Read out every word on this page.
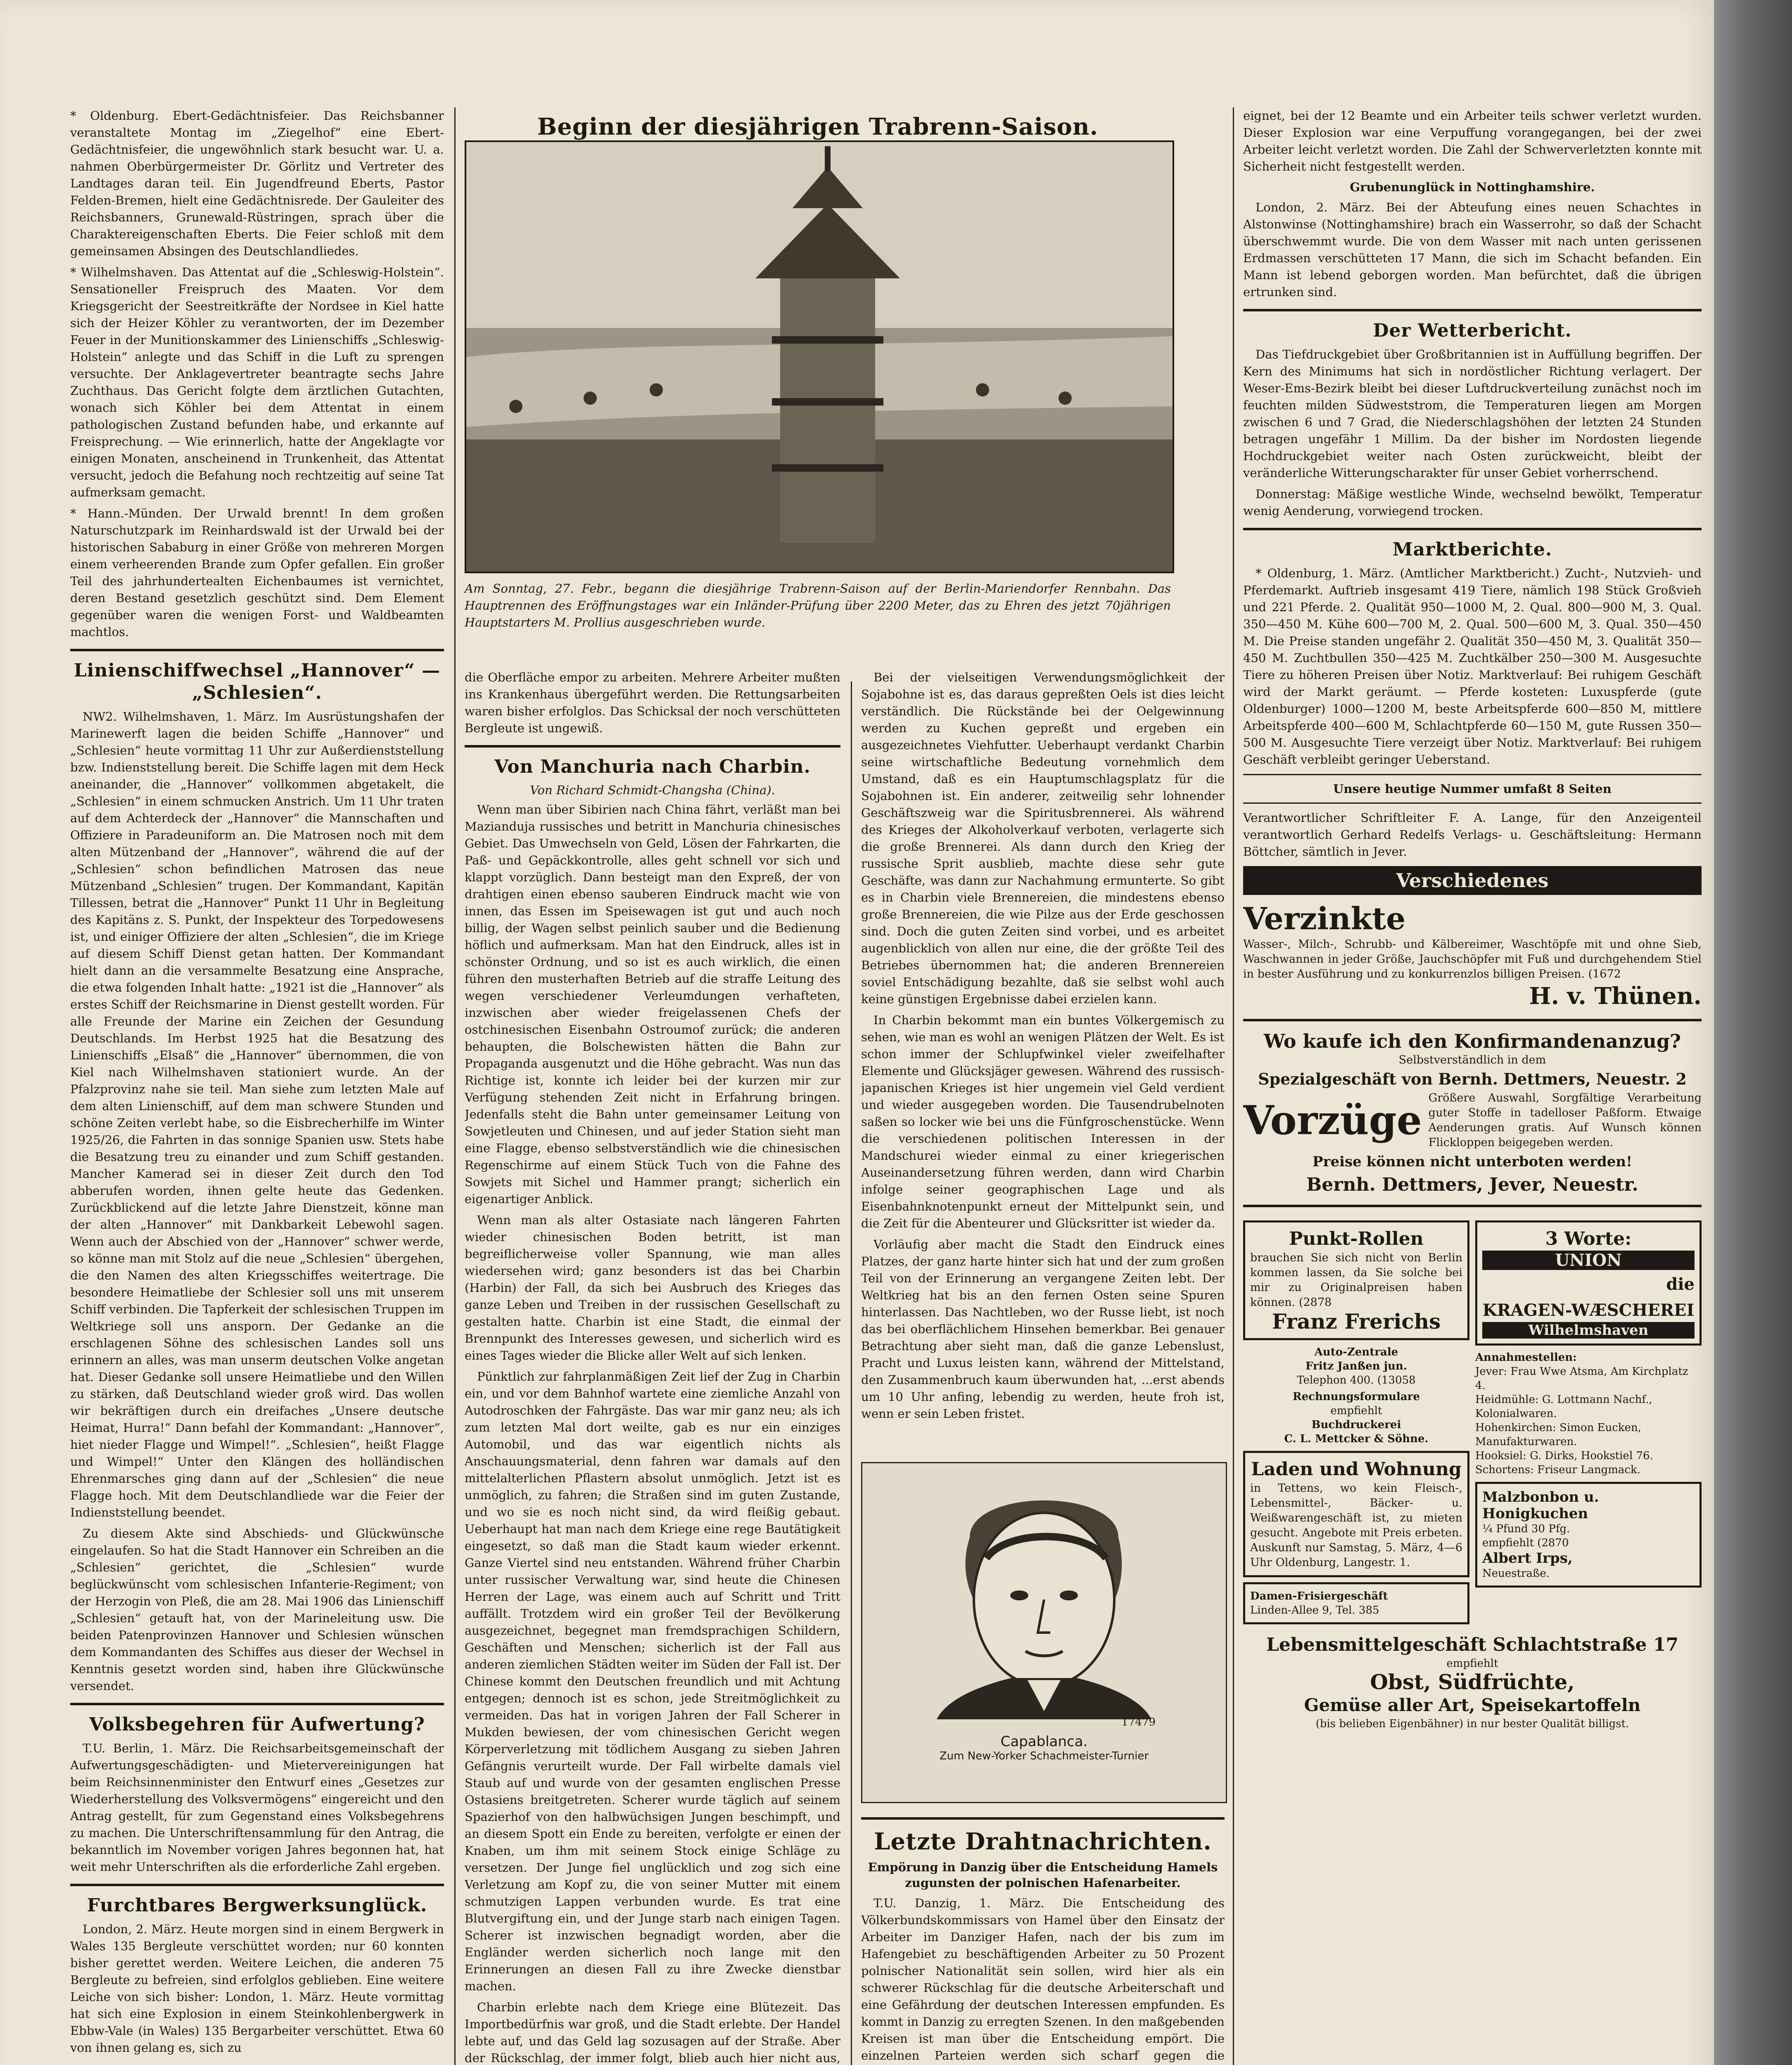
* Oldenburg. Ebert-Gedächtnisfeier. Das Reichsbanner veranstaltete Montag im „Ziegelhof“ eine Ebert-Gedächtnisfeier, die ungewöhnlich stark besucht war. U. a. nahmen Oberbürgermeister Dr. Görlitz und Vertreter des Landtages daran teil. Ein Jugendfreund Eberts, Pastor Felden-Bremen, hielt eine Gedächtnisrede. Der Gauleiter des Reichsbanners, Grunewald-Rüstringen, sprach über die Charaktereigenschaften Eberts. Die Feier schloß mit dem gemeinsamen Absingen des Deutschlandliedes.

* Wilhelmshaven. Das Attentat auf die „Schleswig-Holstein“. Sensationeller Freispruch des Maaten. Vor dem Kriegsgericht der Seestreitkräfte der Nordsee in Kiel hatte sich der Heizer Köhler zu verantworten, der im Dezember Feuer in der Munitionskammer des Linienschiffs „Schleswig-Holstein“ anlegte und das Schiff in die Luft zu sprengen versuchte. Der Anklagevertreter beantragte sechs Jahre Zuchthaus. Das Gericht folgte dem ärztlichen Gutachten, wonach sich Köhler bei dem Attentat in einem pathologischen Zustand befunden habe, und erkannte auf Freisprechung. — Wie erinnerlich, hatte der Angeklagte vor einigen Monaten, anscheinend in Trunkenheit, das Attentat versucht, jedoch die Befahung noch rechtzeitig auf seine Tat aufmerksam gemacht.

* Hann.-Münden. Der Urwald brennt! In dem großen Naturschutzpark im Reinhardswald ist der Urwald bei der historischen Sababurg in einer Größe von mehreren Morgen einem verheerenden Brande zum Opfer gefallen. Ein großer Teil des jahrhundertealten Eichenbaumes ist vernichtet, deren Bestand gesetzlich geschützt sind. Dem Element gegenüber waren die wenigen Forst- und Waldbeamten machtlos.

Linienschiffwechsel „Hannover“ — „Schlesien“.

NW2. Wilhelmshaven, 1. März. Im Ausrüstungshafen der Marinewerft lagen die beiden Schiffe „Hannover“ und „Schlesien“ heute vormittag 11 Uhr zur Außerdienststellung bzw. Indienststellung bereit. Die Schiffe lagen mit dem Heck aneinander, die „Hannover“ vollkommen abgetakelt, die „Schlesien“ in einem schmucken Anstrich. Um 11 Uhr traten auf dem Achterdeck der „Hannover“ die Mannschaften und Offiziere in Paradeuniform an. Die Matrosen noch mit dem alten Mützenband der „Hannover“, während die auf der „Schlesien“ schon befindlichen Matrosen das neue Mützenband „Schlesien“ trugen. Der Kommandant, Kapitän Tillessen, betrat die „Hannover“ Punkt 11 Uhr in Begleitung des Kapitäns z. S. Punkt, der Inspekteur des Torpedowesens ist, und einiger Offiziere der alten „Schlesien“, die im Kriege auf diesem Schiff Dienst getan hatten. Der Kommandant hielt dann an die versammelte Besatzung eine Ansprache, die etwa folgenden Inhalt hatte: „1921 ist die „Hannover“ als erstes Schiff der Reichsmarine in Dienst gestellt worden. Für alle Freunde der Marine ein Zeichen der Gesundung Deutschlands. Im Herbst 1925 hat die Besatzung des Linienschiffs „Elsaß“ die „Hannover“ übernommen, die von Kiel nach Wilhelmshaven stationiert wurde. An der Pfalzprovinz nahe sie teil. Man siehe zum letzten Male auf dem alten Linienschiff, auf dem man schwere Stunden und schöne Zeiten verlebt habe, so die Eisbrecherhilfe im Winter 1925/26, die Fahrten in das sonnige Spanien usw. Stets habe die Besatzung treu zu einander und zum Schiff gestanden. Mancher Kamerad sei in dieser Zeit durch den Tod abberufen worden, ihnen gelte heute das Gedenken. Zurückblickend auf die letzte Jahre Dienstzeit, könne man der alten „Hannover“ mit Dankbarkeit Lebewohl sagen. Wenn auch der Abschied von der „Hannover“ schwer werde, so könne man mit Stolz auf die neue „Schlesien“ übergehen, die den Namen des alten Kriegsschiffes weitertrage. Die besondere Heimatliebe der Schlesier soll uns mit unserem Schiff verbinden. Die Tapferkeit der schlesischen Truppen im Weltkriege soll uns ansporn. Der Gedanke an die erschlagenen Söhne des schlesischen Landes soll uns erinnern an alles, was man unserm deutschen Volke angetan hat. Dieser Gedanke soll unsere Heimatliebe und den Willen zu stärken, daß Deutschland wieder groß wird. Das wollen wir bekräftigen durch ein dreifaches „Unsere deutsche Heimat, Hurra!“ Dann befahl der Kommandant: „Hannover“, hiet nieder Flagge und Wimpel!“. „Schlesien“, heißt Flagge und Wimpel!“ Unter den Klängen des holländischen Ehrenmarsches ging dann auf der „Schlesien“ die neue Flagge hoch. Mit dem Deutschlandliede war die Feier der Indienststellung beendet.

Zu diesem Akte sind Abschieds- und Glückwünsche eingelaufen. So hat die Stadt Hannover ein Schreiben an die „Schlesien“ gerichtet, die „Schlesien“ wurde beglückwünscht vom schlesischen Infanterie-Regiment; von der Herzogin von Pleß, die am 28. Mai 1906 das Linienschiff „Schlesien“ getauft hat, von der Marineleitung usw. Die beiden Patenprovinzen Hannover und Schlesien wünschen dem Kommandanten des Schiffes aus dieser der Wechsel in Kenntnis gesetzt worden sind, haben ihre Glückwünsche versendet.

Volksbegehren für Aufwertung?

T.U. Berlin, 1. März. Die Reichsarbeitsgemeinschaft der Aufwertungsgeschädigten- und Mietervereinigungen hat beim Reichsinnenminister den Entwurf eines „Gesetzes zur Wiederherstellung des Volksvermögens“ eingereicht und den Antrag gestellt, für zum Gegenstand eines Volksbegehrens zu machen. Die Unterschriftensammlung für den Antrag, die bekanntlich im November vorigen Jahres begonnen hat, hat weit mehr Unterschriften als die erforderliche Zahl ergeben.

Furchtbares Bergwerksunglück.

London, 2. März. Heute morgen sind in einem Bergwerk in Wales 135 Bergleute verschüttet worden; nur 60 konnten bisher gerettet werden. Weitere Leichen, die anderen 75 Bergleute zu befreien, sind erfolglos geblieben. Eine weitere Leiche von sich bisher: London, 1. März. Heute vormittag hat sich eine Explosion in einem Steinkohlenbergwerk in Ebbw-Vale (in Wales) 135 Bergarbeiter verschüttet. Etwa 60 von ihnen gelang es, sich zu

Beginn der diesjährigen Trabrenn-Saison.
Am Sonntag, 27. Febr., begann die diesjährige Trabrenn-Saison auf der Berlin-Mariendorfer Rennbahn. Das Hauptrennen des Eröffnungstages war ein Inländer-Prüfung über 2200 Meter, das zu Ehren des jetzt 70jährigen Hauptstarters M. Prollius ausgeschrieben wurde.

die Oberfläche empor zu arbeiten. Mehrere Arbeiter mußten ins Krankenhaus übergeführt werden. Die Rettungsarbeiten waren bisher erfolglos. Das Schicksal der noch verschütteten Bergleute ist ungewiß.

Von Manchuria nach Charbin.
Von Richard Schmidt-Changsha (China).

Wenn man über Sibirien nach China fährt, verläßt man bei Mazianduja russisches und betritt in Manchuria chinesisches Gebiet. Das Umwechseln von Geld, Lösen der Fahrkarten, die Paß- und Gepäckkontrolle, alles geht schnell vor sich und klappt vorzüglich. Dann besteigt man den Expreß, der von drahtigen einen ebenso sauberen Eindruck macht wie von innen, das Essen im Speisewagen ist gut und auch noch billig, der Wagen selbst peinlich sauber und die Bedienung höflich und aufmerksam. Man hat den Eindruck, alles ist in schönster Ordnung, und so ist es auch wirklich, die einen führen den musterhaften Betrieb auf die straffe Leitung des wegen verschiedener Verleumdungen verhafteten, inzwischen aber wieder freigelassenen Chefs der ostchinesischen Eisenbahn Ostroumof zurück; die anderen behaupten, die Bolschewisten hätten die Bahn zur Propaganda ausgenutzt und die Höhe gebracht. Was nun das Richtige ist, konnte ich leider bei der kurzen mir zur Verfügung stehenden Zeit nicht in Erfahrung bringen. Jedenfalls steht die Bahn unter gemeinsamer Leitung von Sowjetleuten und Chinesen, und auf jeder Station sieht man eine Flagge, ebenso selbstverständlich wie die chinesischen Regenschirme auf einem Stück Tuch von die Fahne des Sowjets mit Sichel und Hammer prangt; sicherlich ein eigenartiger Anblick.

Wenn man als alter Ostasiate nach längeren Fahrten wieder chinesischen Boden betritt, ist man begreiflicherweise voller Spannung, wie man alles wiedersehen wird; ganz besonders ist das bei Charbin (Harbin) der Fall, da sich bei Ausbruch des Krieges das ganze Leben und Treiben in der russischen Gesellschaft zu gestalten hatte. Charbin ist eine Stadt, die einmal der Brennpunkt des Interesses gewesen, und sicherlich wird es eines Tages wieder die Blicke aller Welt auf sich lenken.

Pünktlich zur fahrplanmäßigen Zeit lief der Zug in Charbin ein, und vor dem Bahnhof wartete eine ziemliche Anzahl von Autodroschken der Fahrgäste. Das war mir ganz neu; als ich zum letzten Mal dort weilte, gab es nur ein einziges Automobil, und das war eigentlich nichts als Anschauungsmaterial, denn fahren war damals auf den mittelalterlichen Pflastern absolut unmöglich. Jetzt ist es unmöglich, zu fahren; die Straßen sind im guten Zustande, und wo sie es noch nicht sind, da wird fleißig gebaut. Ueberhaupt hat man nach dem Kriege eine rege Bautätigkeit eingesetzt, so daß man die Stadt kaum wieder erkennt. Ganze Viertel sind neu entstanden. Während früher Charbin unter russischer Verwaltung war, sind heute die Chinesen Herren der Lage, was einem auch auf Schritt und Tritt auffällt. Trotzdem wird ein großer Teil der Bevölkerung ausgezeichnet, begegnet man fremdsprachigen Schildern, Geschäften und Menschen; sicherlich ist der Fall aus anderen ziemlichen Städten weiter im Süden der Fall ist. Der Chinese kommt den Deutschen freundlich und mit Achtung entgegen; dennoch ist es schon, jede Streitmöglichkeit zu vermeiden. Das hat in vorigen Jahren der Fall Scherer in Mukden bewiesen, der vom chinesischen Gericht wegen Körperverletzung mit tödlichem Ausgang zu sieben Jahren Gefängnis verurteilt wurde. Der Fall wirbelte damals viel Staub auf und wurde von der gesamten englischen Presse Ostasiens breitgetreten. Scherer wurde täglich auf seinem Spazierhof von den halbwüchsigen Jungen beschimpft, und an diesem Spott ein Ende zu bereiten, verfolgte er einen der Knaben, um ihm mit seinem Stock einige Schläge zu versetzen. Der Junge fiel unglücklich und zog sich eine Verletzung am Kopf zu, die von seiner Mutter mit einem schmutzigen Lappen verbunden wurde. Es trat eine Blutvergiftung ein, und der Junge starb nach einigen Tagen. Scherer ist inzwischen begnadigt worden, aber die Engländer werden sicherlich noch lange mit den Erinnerungen an diesen Fall zu ihre Zwecke dienstbar machen.

Charbin erlebte nach dem Kriege eine Blütezeit. Das Importbedürfnis war groß, und die Stadt erlebte. Der Handel lebte auf, und das Geld lag sozusagen auf der Straße. Aber der Rückschlag, der immer folgt, blieb auch hier nicht aus,

Bei der vielseitigen Verwendungsmöglichkeit der Sojabohne ist es, das daraus gepreßten Oels ist dies leicht verständlich. Die Rückstände bei der Oelgewinnung werden zu Kuchen gepreßt und ergeben ein ausgezeichnetes Viehfutter. Ueberhaupt verdankt Charbin seine wirtschaftliche Bedeutung vornehmlich dem Umstand, daß es ein Hauptumschlagsplatz für die Sojabohnen ist. Ein anderer, zeitweilig sehr lohnender Geschäftszweig war die Spiritusbrennerei. Als während des Krieges der Alkoholverkauf verboten, verlagerte sich die große Brennerei. Als dann durch den Krieg der russische Sprit ausblieb, machte diese sehr gute Geschäfte, was dann zur Nachahmung ermunterte. So gibt es in Charbin viele Brennereien, die mindestens ebenso große Brennereien, die wie Pilze aus der Erde geschossen sind. Doch die guten Zeiten sind vorbei, und es arbeitet augenblicklich von allen nur eine, die der größte Teil des Betriebes übernommen hat; die anderen Brennereien soviel Entschädigung bezahlte, daß sie selbst wohl auch keine günstigen Ergebnisse dabei erzielen kann.

In Charbin bekommt man ein buntes Völkergemisch zu sehen, wie man es wohl an wenigen Plätzen der Welt. Es ist schon immer der Schlupfwinkel vieler zweifelhafter Elemente und Glücksjäger gewesen. Während des russisch-japanischen Krieges ist hier ungemein viel Geld verdient und wieder ausgegeben worden. Die Tausendrubelnoten saßen so locker wie bei uns die Fünfgroschenstücke. Wenn die verschiedenen politischen Interessen in der Mandschurei wieder einmal zu einer kriegerischen Auseinandersetzung führen werden, dann wird Charbin infolge seiner geographischen Lage und als Eisenbahnknotenpunkt erneut der Mittelpunkt sein, und die Zeit für die Abenteurer und Glücksritter ist wieder da.

Vorläufig aber macht die Stadt den Eindruck eines Platzes, der ganz harte hinter sich hat und der zum großen Teil von der Erinnerung an vergangene Zeiten lebt. Der Weltkrieg hat bis an den fernen Osten seine Spuren hinterlassen. Das Nachtleben, wo der Russe liebt, ist noch das bei oberflächlichem Hinsehen bemerkbar. Bei genauer Betrachtung aber sieht man, daß die ganze Lebenslust, Pracht und Luxus leisten kann, während der Mittelstand, den Zusammenbruch kaum überwunden hat, ...erst abends um 10 Uhr anfing, lebendig zu werden, heute froh ist, wenn er sein Leben fristet.

17479
Capablanca.
Zum New-Yorker Schachmeister-Turnier
Letzte Drahtnachrichten.
Empörung in Danzig über die Entscheidung Hamels zugunsten der polnischen Hafenarbeiter.

T.U. Danzig, 1. März. Die Entscheidung des Völkerbundskommissars von Hamel über den Einsatz der Arbeiter im Danziger Hafen, nach der bis zum im Hafengebiet zu beschäftigenden Arbeiter zu 50 Prozent polnischer Nationalität sein sollen, wird hier als ein schwerer Rückschlag für die deutsche Arbeiterschaft und eine Gefährdung der deutschen Interessen empfunden. Es kommt in Danzig zu erregten Szenen. In den maßgebenden Kreisen ist man über die Entscheidung empört. Die einzelnen Parteien werden sich scharf gegen die

eignet, bei der 12 Beamte und ein Arbeiter teils schwer verletzt wurden. Dieser Explosion war eine Verpuffung vorangegangen, bei der zwei Arbeiter leicht verletzt worden. Die Zahl der Schwerverletzten konnte mit Sicherheit nicht festgestellt werden.

Grubenunglück in Nottinghamshire.

London, 2. März. Bei der Abteufung eines neuen Schachtes in Alstonwinse (Nottinghamshire) brach ein Wasserrohr, so daß der Schacht überschwemmt wurde. Die von dem Wasser mit nach unten gerissenen Erdmassen verschütteten 17 Mann, die sich im Schacht befanden. Ein Mann ist lebend geborgen worden. Man befürchtet, daß die übrigen ertrunken sind.

Der Wetterbericht.

Das Tiefdruckgebiet über Großbritannien ist in Auffüllung begriffen. Der Kern des Minimums hat sich in nordöstlicher Richtung verlagert. Der Weser-Ems-Bezirk bleibt bei dieser Luftdruckverteilung zunächst noch im feuchten milden Südweststrom, die Temperaturen liegen am Morgen zwischen 6 und 7 Grad, die Niederschlagshöhen der letzten 24 Stunden betragen ungefähr 1 Millim. Da der bisher im Nordosten liegende Hochdruckgebiet weiter nach Osten zurückweicht, bleibt der veränderliche Witterungscharakter für unser Gebiet vorherrschend.

Donnerstag: Mäßige westliche Winde, wechselnd bewölkt, Temperatur wenig Aenderung, vorwiegend trocken.

Marktberichte.

* Oldenburg, 1. März. (Amtlicher Marktbericht.) Zucht-, Nutzvieh- und Pferdemarkt. Auftrieb insgesamt 419 Tiere, nämlich 198 Stück Großvieh und 221 Pferde. 2. Qualität 950—1000 M, 2. Qual. 800—900 M, 3. Qual. 350—450 M. Kühe 600—700 M, 2. Qual. 500—600 M, 3. Qual. 350—450 M. Die Preise standen ungefähr 2. Qualität 350—450 M, 3. Qualität 350—450 M. Zuchtbullen 350—425 M. Zuchtkälber 250—300 M. Ausgesuchte Tiere zu höheren Preisen über Notiz. Marktverlauf: Bei ruhigem Geschäft wird der Markt geräumt. — Pferde kosteten: Luxuspferde (gute Oldenburger) 1000—1200 M, beste Arbeitspferde 600—850 M, mittlere Arbeitspferde 400—600 M, Schlachtpferde 60—150 M, gute Russen 350—500 M. Ausgesuchte Tiere verzeigt über Notiz. Marktverlauf: Bei ruhigem Geschäft verbleibt geringer Ueberstand.

Unsere heutige Nummer umfaßt 8 Seiten

Verantwortlicher Schriftleiter F. A. Lange, für den Anzeigenteil verantwortlich Gerhard Redelfs Verlags- u. Geschäftsleitung: Hermann Böttcher, sämtlich in Jever.

Verschiedenes
Verzinkte
Wasser-, Milch-, Schrubb- und Kälbereimer, Waschtöpfe mit und ohne Sieb, Waschwannen in jeder Größe, Jauchschöpfer mit Fuß und durchgehendem Stiel in bester Ausführung und zu konkurrenzlos billigen Preisen. (1672
H. v. Thünen.
Wo kaufe ich den Konfirmandenanzug?
Selbstverständlich in dem
Spezialgeschäft von Bernh. Dettmers, Neuestr. 2
Vorzüge Größere Auswahl, Sorgfältige Verarbeitung guter Stoffe in tadelloser Paßform. Etwaige Aenderungen gratis. Auf Wunsch können Flickloppen beigegeben werden.
Preise können nicht unterboten werden!
Bernh. Dettmers, Jever, Neuestr.
Punkt-Rollen
brauchen Sie sich nicht von Berlin kommen lassen, da Sie solche bei mir zu Originalpreisen haben können. (2878
Franz Frerichs
Auto-Zentrale
Fritz Janßen jun.
Telephon 400. (13058
Rechnungsformulare
empfiehlt
Buchdruckerei
C. L. Mettcker & Söhne.
Laden und Wohnung
in Tettens, wo kein Fleisch-, Lebensmittel-, Bäcker- u. Weißwarengeschäft ist, zu mieten gesucht. Angebote mit Preis erbeten. Auskunft nur Samstag, 5. März, 4—6 Uhr Oldenburg, Langestr. 1.
Damen-Frisiergeschäft
Linden-Allee 9, Tel. 385
3 Worte:
UNION
die
KRAGEN-WÆSCHEREI
Wilhelmshaven
Annahmestellen:
Jever: Frau Wwe Atsma, Am Kirchplatz 4.
Heidmühle: G. Lottmann Nachf., Kolonialwaren.
Hohenkirchen: Simon Eucken, Manufakturwaren.
Hooksiel: G. Dirks, Hookstiel 76.
Schortens: Friseur Langmack.
Malzbonbon u. Honigkuchen
¼ Pfund 30 Pfg.
empfiehlt (2870
Albert Irps,
Neuestraße.
Lebensmittelgeschäft Schlachtstraße 17
empfiehlt
Obst, Südfrüchte,
Gemüse aller Art, Speisekartoffeln
(bis belieben Eigenbähner) in nur bester Qualität billigst.
